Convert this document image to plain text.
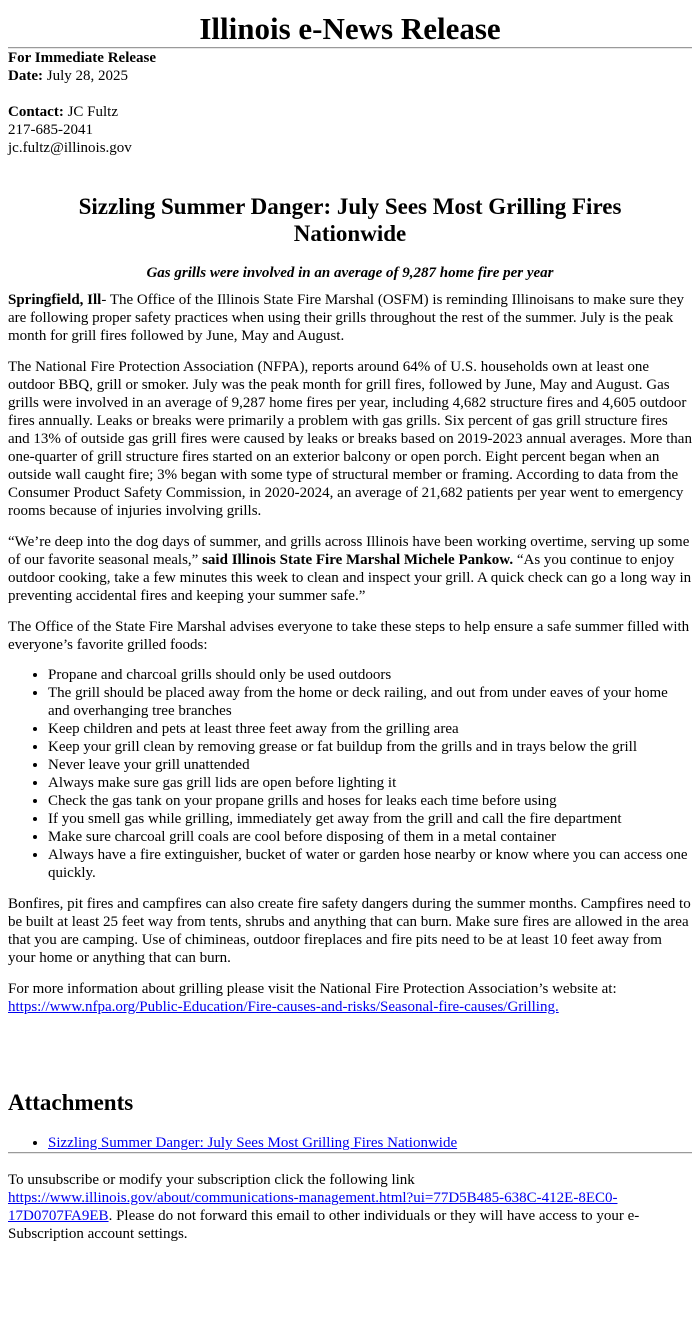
Illinois e-News Release

For Immediate Release

Date: July 28, 2025

Contact: JC Fultz

217-685-2041

jc.fultz@illinois.gov

Sizzling Summer Danger: July Sees Most Grilling Fires Nationwide

Gas grills were involved in an average of 9,287 home fire per year

Springfield, Ill- The Office of the Illinois State Fire Marshal (OSFM) is reminding Illinoisans to make sure they are following proper safety practices when using their grills throughout the rest of the summer. July is the peak month for grill fires followed by June, May and August.

The National Fire Protection Association (NFPA), reports around 64% of U.S. households own at least one outdoor BBQ, grill or smoker. July was the peak month for grill fires, followed by June, May and August. Gas grills were involved in an average of 9,287 home fires per year, including 4,682 structure fires and 4,605 outdoor fires annually. Leaks or breaks were primarily a problem with gas grills. Six percent of gas grill structure fires and 13% of outside gas grill fires were caused by leaks or breaks based on 2019-2023 annual averages. More than one-quarter of grill structure fires started on an exterior balcony or open porch. Eight percent began when an outside wall caught fire; 3% began with some type of structural member or framing. According to data from the Consumer Product Safety Commission, in 2020-2024, an average of 21,682 patients per year went to emergency rooms because of injuries involving grills.

“We’re deep into the dog days of summer, and grills across Illinois have been working overtime, serving up some of our favorite seasonal meals,” said Illinois State Fire Marshal Michele Pankow. “As you continue to enjoy outdoor cooking, take a few minutes this week to clean and inspect your grill. A quick check can go a long way in preventing accidental fires and keeping your summer safe.”

The Office of the State Fire Marshal advises everyone to take these steps to help ensure a safe summer filled with everyone’s favorite grilled foods:

• Propane and charcoal grills should only be used outdoors
• The grill should be placed away from the home or deck railing, and out from under eaves of your home and overhanging tree branches
• Keep children and pets at least three feet away from the grilling area
• Keep your grill clean by removing grease or fat buildup from the grills and in trays below the grill
• Never leave your grill unattended
• Always make sure gas grill lids are open before lighting it
• Check the gas tank on your propane grills and hoses for leaks each time before using
• If you smell gas while grilling, immediately get away from the grill and call the fire department
• Make sure charcoal grill coals are cool before disposing of them in a metal container
• Always have a fire extinguisher, bucket of water or garden hose nearby or know where you can access one quickly.

Bonfires, pit fires and campfires can also create fire safety dangers during the summer months. Campfires need to be built at least 25 feet way from tents, shrubs and anything that can burn. Make sure fires are allowed in the area that you are camping. Use of chimineas, outdoor fireplaces and fire pits need to be at least 10 feet away from your home or anything that can burn.

For more information about grilling please visit the National Fire Protection Association’s website at:
https://www.nfpa.org/Public-Education/Fire-causes-and-risks/Seasonal-fire-causes/Grilling.

Attachments
• Sizzling Summer Danger: July Sees Most Grilling Fires Nationwide

To unsubscribe or modify your subscription click the following link
https://www.illinois.gov/about/communications-management.html?ui=77D5B485-638C-412E-8EC0-17D0707FA9EB. Please do not forward this email to other individuals or they will have access to your e-Subscription account settings.
